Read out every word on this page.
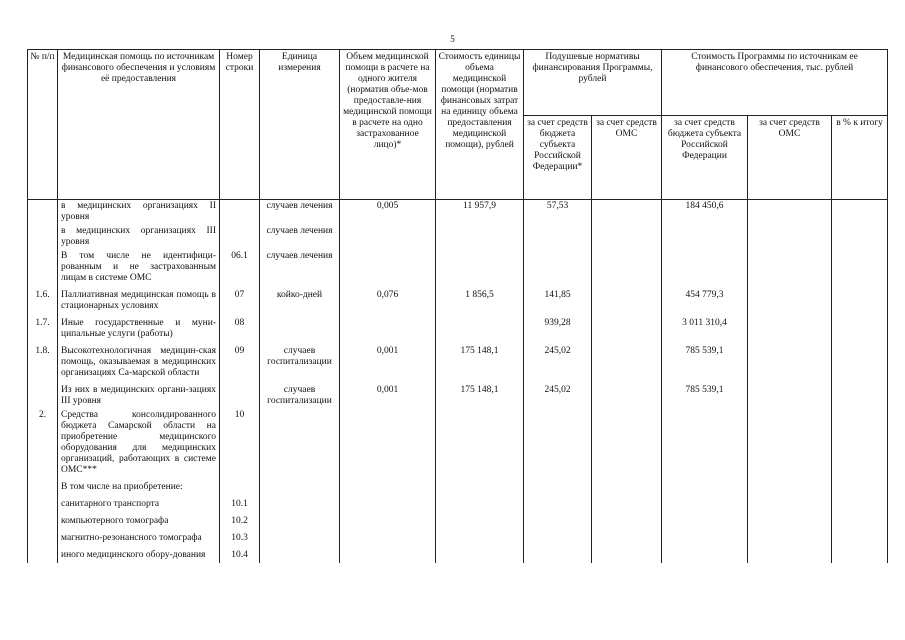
5
№ п/п	Медицинская помощь по источникам финансового обеспечения и условиям её предоставления	Номер строки	Единица измерения	Объем медицинской помощи в расчете на одного жителя (норматив объе-мов предоставле-ния медицинской помощи в расчете на одно застрахованное лицо)*	Стоимость единицы объема медицинской помощи (норматив финансовых затрат на единицу объема предоставления медицинской помощи), рублей	Подушевые нормативы финансирования Программы, рублей		Стоимость Программы по источникам ее финансового обеспечения, тыс. рублей		
						за счет средств бюджета субъекта Российской Федерации*	за счет средств ОМС	за счет средств бюджета субъекта Российской Федерации	за счет средств ОМС	в % к итогу
	в медицинских организациях II уровня		случаев лечения	0,005	11 957,9	57,53		184 450,6		
	в медицинских организациях III уровня		случаев лечения							
	В том числе не идентифици-рованным и не застрахованным лицам в системе ОМС	06.1	случаев лечения							
1.6.	Паллиативная медицинская помощь в стационарных условиях	07	койко-дней	0,076	1 856,5	141,85		454 779,3		
1.7.	Иные государственные и муни-ципальные услуги (работы)	08				939,28		3 011 310,4		
1.8.	Высокотехнологичная медицин-ская помощь, оказываемая в медицинских организациях Са-марской области	09	случаев госпитализации	0,001	175 148,1	245,02		785 539,1		
	Из них в медицинских органи-зациях III уровня		случаев госпитализации	0,001	175 148,1	245,02		785 539,1		
2.	Средства консолидированного бюджета Самарской области на приобретение медицинского оборудования для медицинских организаций, работающих в системе ОМС***	10								
	В том числе на приобретение:									
	санитарного транспорта	10.1								
	компьютерного томографа	10.2								
	магнитно-резонансного томографа	10.3								
	иного медицинского обору-дования	10.4								
